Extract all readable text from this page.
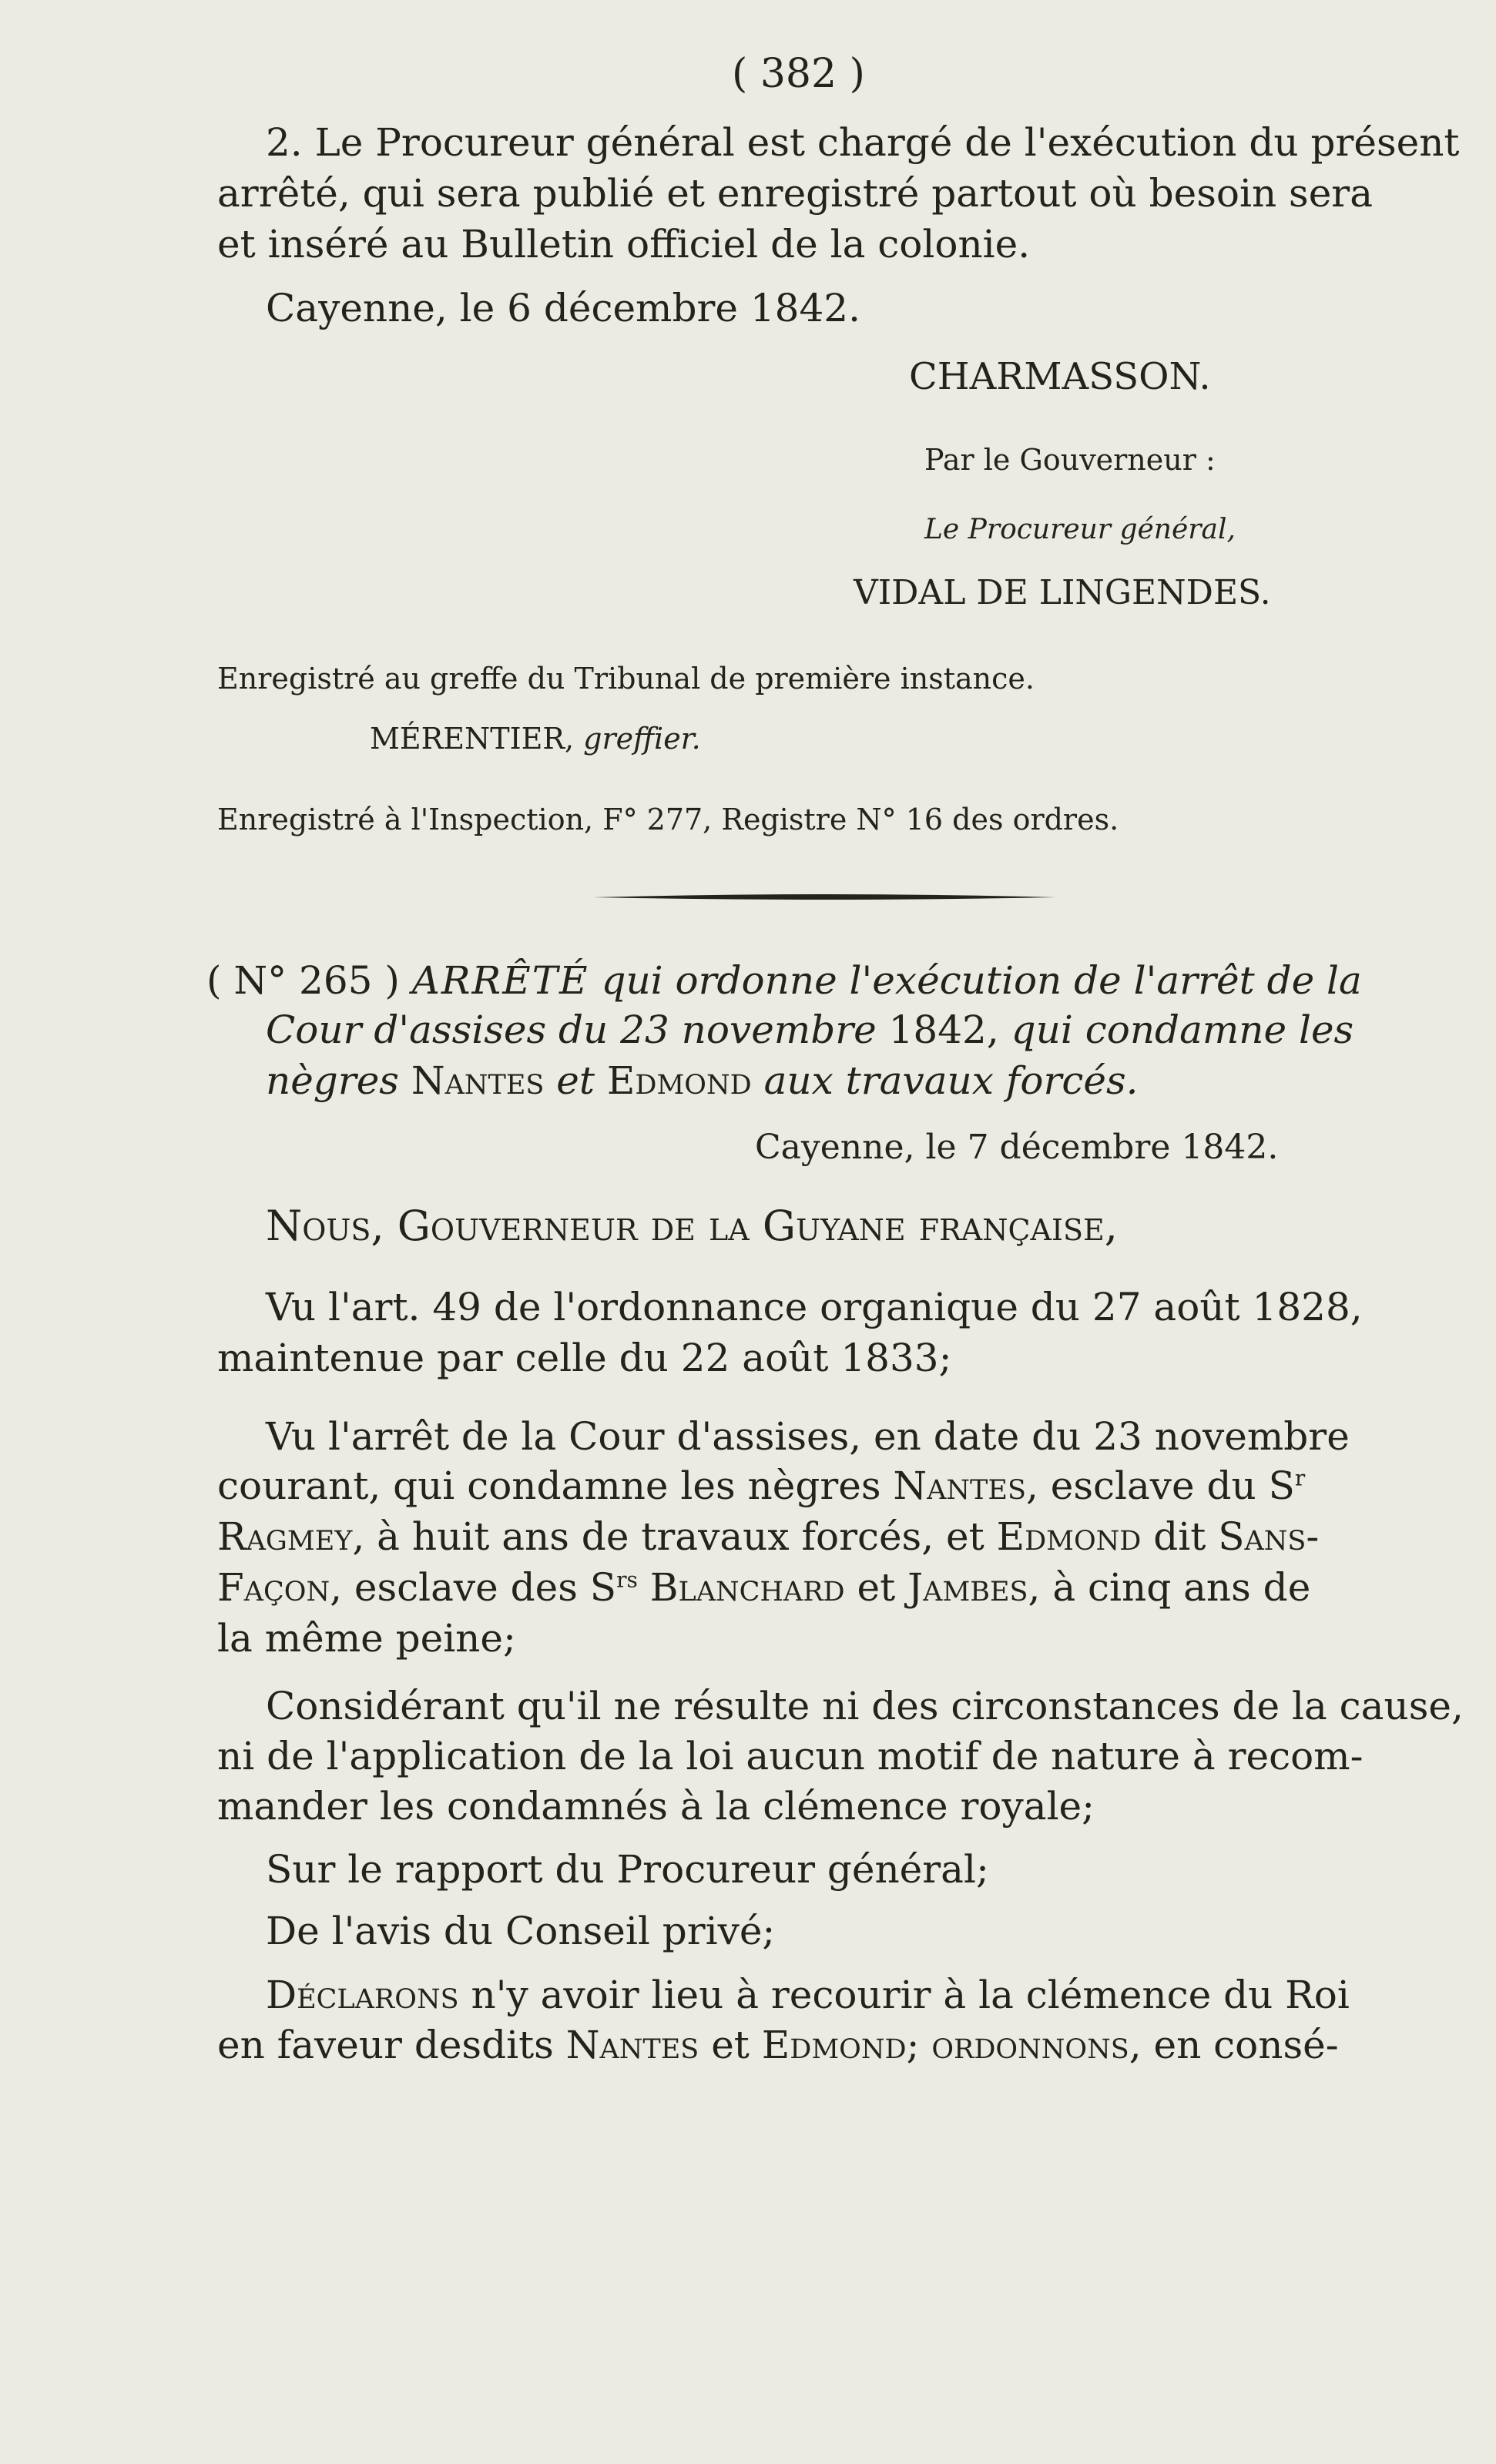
( 382 )
2. Le Procureur général est chargé de l'exécution du présent
arrêté, qui sera publié et enregistré partout où besoin sera
et inséré au Bulletin officiel de la colonie.
Cayenne, le 6 décembre 1842.
CHARMASSON.
Par le Gouverneur :
Le Procureur général,
VIDAL DE LINGENDES.
Enregistré au greffe du Tribunal de première instance.
MÉRENTIER, greffier.
Enregistré à l'Inspection, F° 277, Registre N° 16 des ordres.
( N° 265 ) ARRÊTÉ qui ordonne l'exécution de l'arrêt de la
Cour d'assises du 23 novembre 1842, qui condamne les
nègres Nantes et Edmond aux travaux forcés.
Cayenne, le 7 décembre 1842.
Nous, Gouverneur de la Guyane française,
Vu l'art. 49 de l'ordonnance organique du 27 août 1828,
maintenue par celle du 22 août 1833;
Vu l'arrêt de la Cour d'assises, en date du 23 novembre
courant, qui condamne les nègres Nantes, esclave du $S^r$
Ragmey, à huit ans de travaux forcés, et Edmond dit Sans-
Façon, esclave des $S^{rs}$ Blanchard et Jambes, à cinq ans de
la même peine;
Considérant qu'il ne résulte ni des circonstances de la cause,
ni de l'application de la loi aucun motif de nature à recom-
mander les condamnés à la clémence royale;
Sur le rapport du Procureur général;
De l'avis du Conseil privé;
Déclarons n'y avoir lieu à recourir à la clémence du Roi
en faveur desdits Nantes et Edmond; ordonnons, en consé-
